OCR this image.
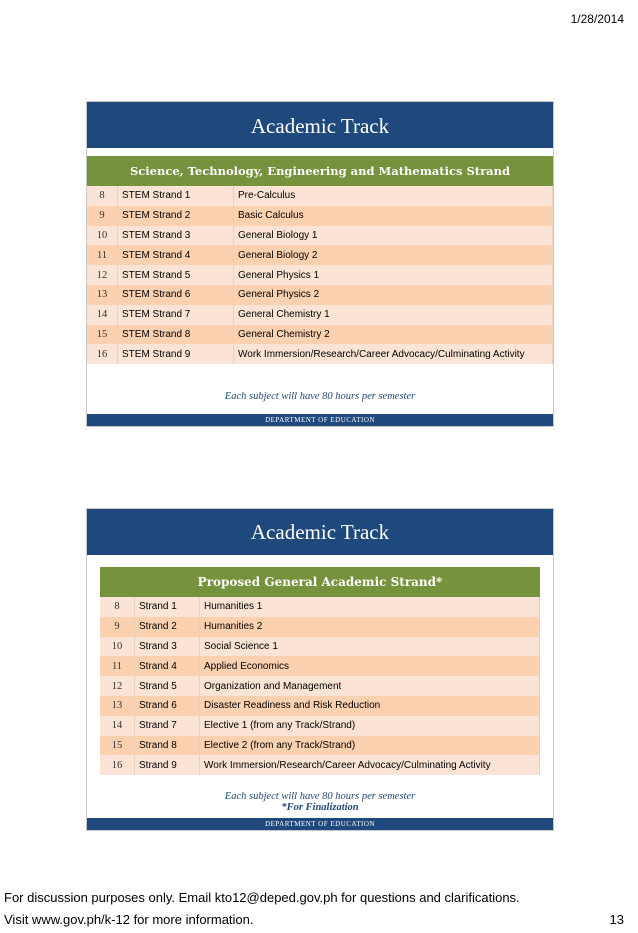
1/28/2014
Academic Track
Science, Technology, Engineering and Mathematics Strand
8	STEM Strand 1	Pre-Calculus
9	STEM Strand 2	Basic Calculus
10	STEM Strand 3	General Biology 1
11	STEM Strand 4	General Biology 2
12	STEM Strand 5	General Physics 1
13	STEM Strand 6	General Physics 2
14	STEM Strand 7	General Chemistry 1
15	STEM Strand 8	General Chemistry 2
16	STEM Strand 9	Work Immersion/Research/Career Advocacy/Culminating Activity
Each subject will have 80 hours per semester
DEPARTMENT OF EDUCATION
Academic Track
Proposed General Academic Strand*
8	Strand 1	Humanities 1
9	Strand 2	Humanities 2
10	Strand 3	Social Science 1
11	Strand 4	Applied Economics
12	Strand 5	Organization and Management
13	Strand 6	Disaster Readiness and Risk Reduction
14	Strand 7	Elective 1 (from any Track/Strand)
15	Strand 8	Elective 2 (from any Track/Strand)
16	Strand 9	Work Immersion/Research/Career Advocacy/Culminating Activity
Each subject will have 80 hours per semester
*For Finalization
DEPARTMENT OF EDUCATION
For discussion purposes only. Email kto12@deped.gov.ph for questions and clarifications.
Visit www.gov.ph/k-12 for more information.	13
